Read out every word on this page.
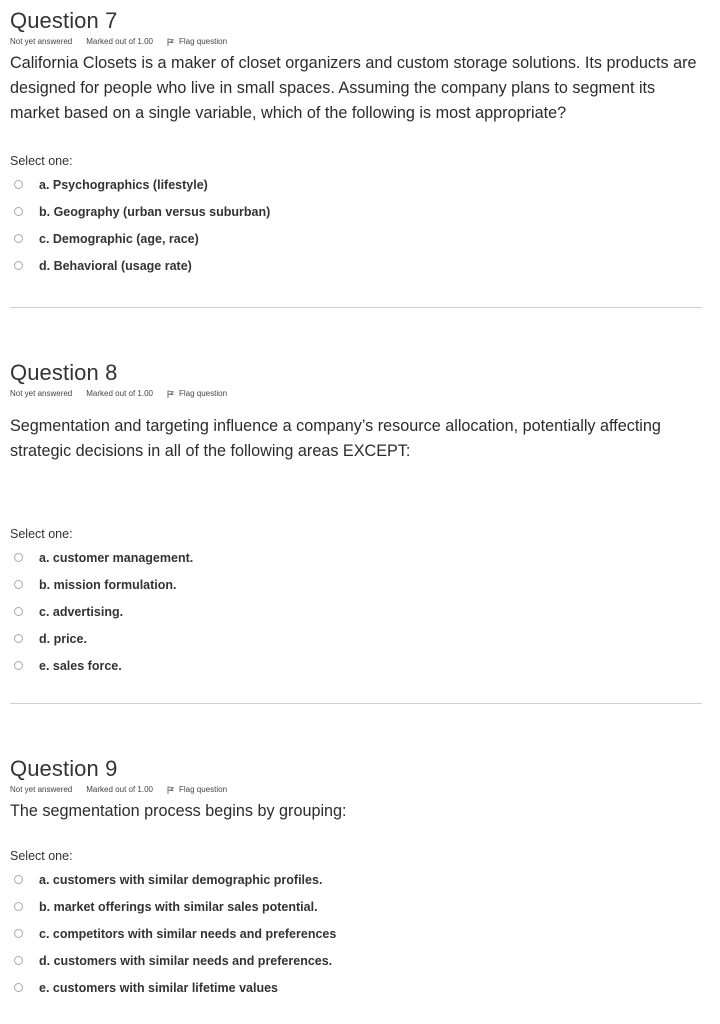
Question 7
Not yet answered Marked out of 1.00	Flag question

California Closets is a maker of closet organizers and custom storage solutions. Its products are designed for people who live in small spaces. Assuming the company plans to segment its market based on a single variable, which of the following is most appropriate?

Select one:

a. Psychographics (lifestyle)
b. Geography (urban versus suburban)
c. Demographic (age, race)
d. Behavioral (usage rate)
Question 8
Not yet answered Marked out of 1.00	Flag question

Segmentation and targeting influence a company’s resource allocation, potentially affecting strategic decisions in all of the following areas EXCEPT:

Select one:

a. customer management.
b. mission formulation.
c. advertising.
d. price.
e. sales force.
Question 9
Not yet answered Marked out of 1.00	Flag question

The segmentation process begins by grouping:

Select one:

a. customers with similar demographic profiles.
b. market offerings with similar sales potential.
c. competitors with similar needs and preferences
d. customers with similar needs and preferences.
e. customers with similar lifetime values
